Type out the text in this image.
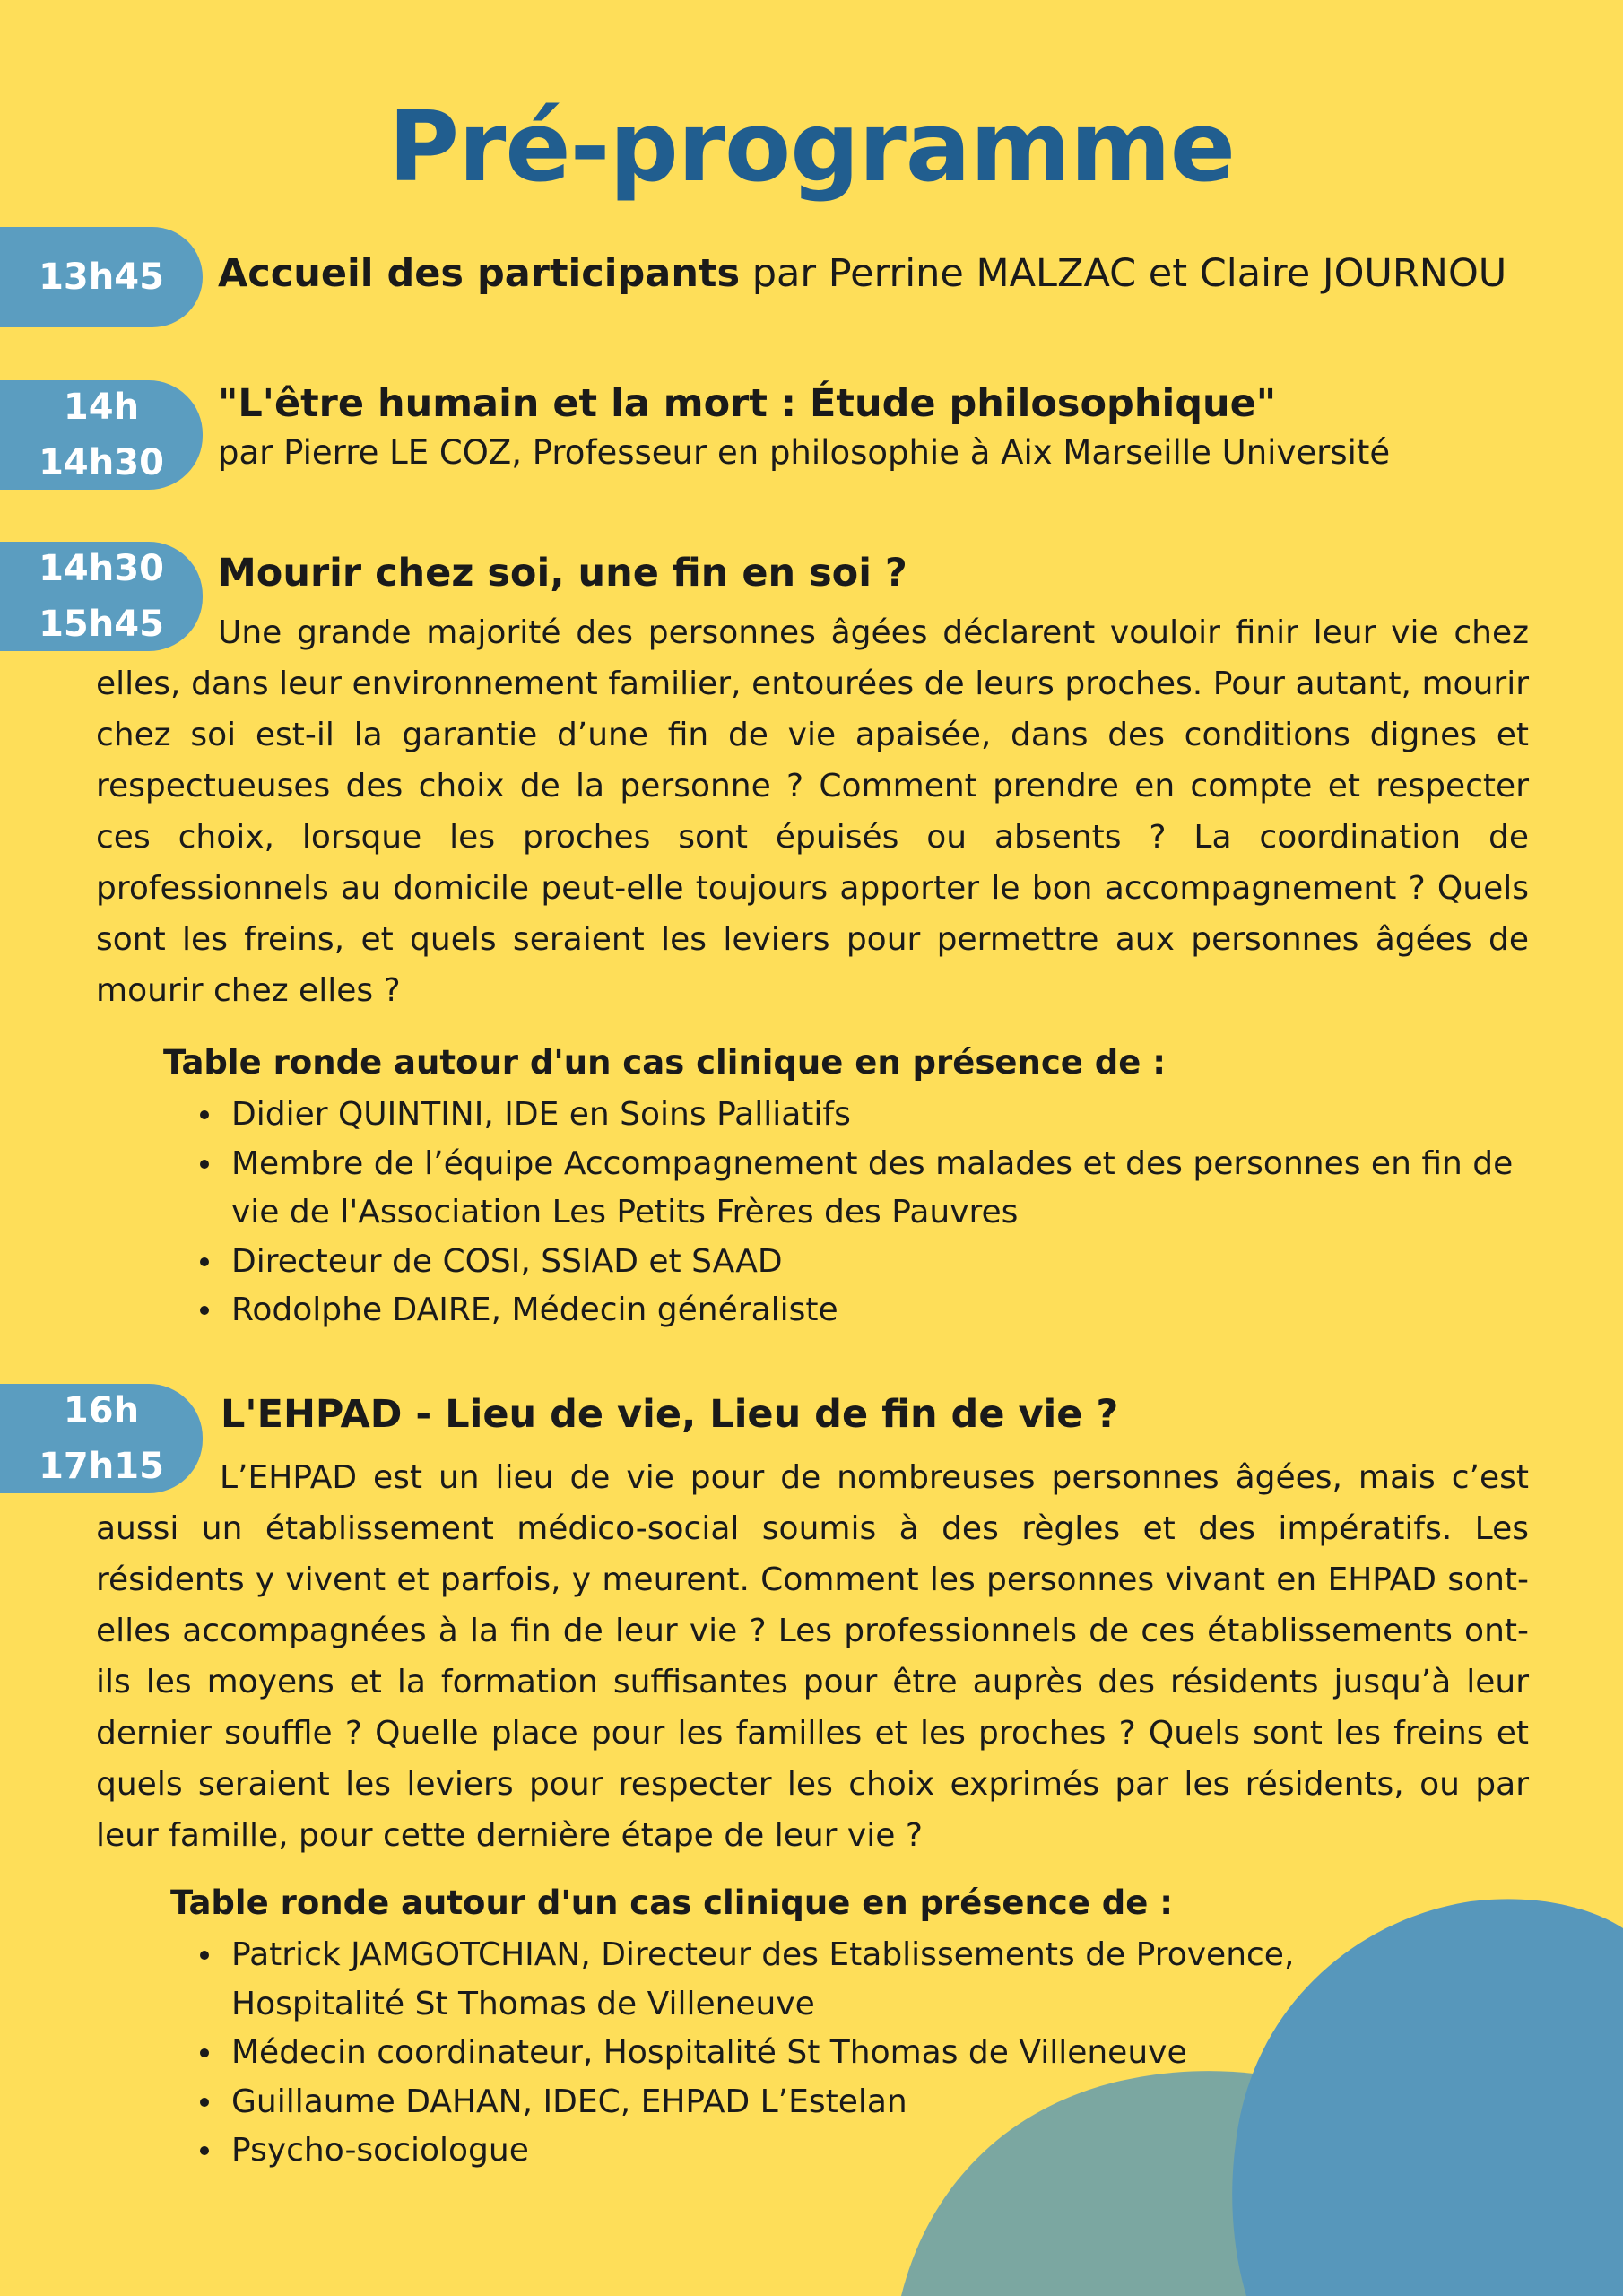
Pré-programme
13h45 Accueil des participants par Perrine MALZAC et Claire JOURNOU

14h
14h30

"L'être humain et la mort : Étude philosophique"

par Pierre LE COZ, Professeur en philosophie à Aix Marseille Université

14h30
15h45

Mourir chez soi, une fin en soi ?

Une grande majorité des personnes âgées déclarent vouloir finir leur vie chez elles, dans leur environnement familier, entourées de leurs proches. Pour autant, mourir chez soi est-il la garantie d’une fin de vie apaisée, dans des conditions dignes et respectueuses des choix de la personne ? Comment prendre en compte et respecter ces choix, lorsque les proches sont épuisés ou absents ? La coordination de professionnels au domicile peut-elle toujours apporter le bon accompagnement ? Quels sont les freins, et quels seraient les leviers pour permettre aux personnes âgées de mourir chez elles ?

Table ronde autour d'un cas clinique en présence de :

Didier QUINTINI, IDE en Soins Palliatifs
Membre de l’équipe Accompagnement des malades et des personnes en fin de vie de l'Association Les Petits Frères des Pauvres
Directeur de COSI, SSIAD et SAAD
Rodolphe DAIRE, Médecin généraliste
16h
17h15

L'EHPAD - Lieu de vie, Lieu de fin de vie ?

L’EHPAD est un lieu de vie pour de nombreuses personnes âgées, mais c’est aussi un établissement médico-social soumis à des règles et des impératifs. Les résidents y vivent et parfois, y meurent. Comment les personnes vivant en EHPAD sont-elles accompagnées à la fin de leur vie ? Les professionnels de ces établissements ont-ils les moyens et la formation suffisantes pour être auprès des résidents jusqu’à leur dernier souffle ? Quelle place pour les familles et les proches ? Quels sont les freins et quels seraient les leviers pour respecter les choix exprimés par les résidents, ou par leur famille, pour cette dernière étape de leur vie ?

Table ronde autour d'un cas clinique en présence de :

Patrick JAMGOTCHIAN, Directeur des Etablissements de Provence, Hospitalité St Thomas de Villeneuve
Médecin coordinateur, Hospitalité St Thomas de Villeneuve
Guillaume DAHAN, IDEC, EHPAD L’Estelan
Psycho-sociologue
